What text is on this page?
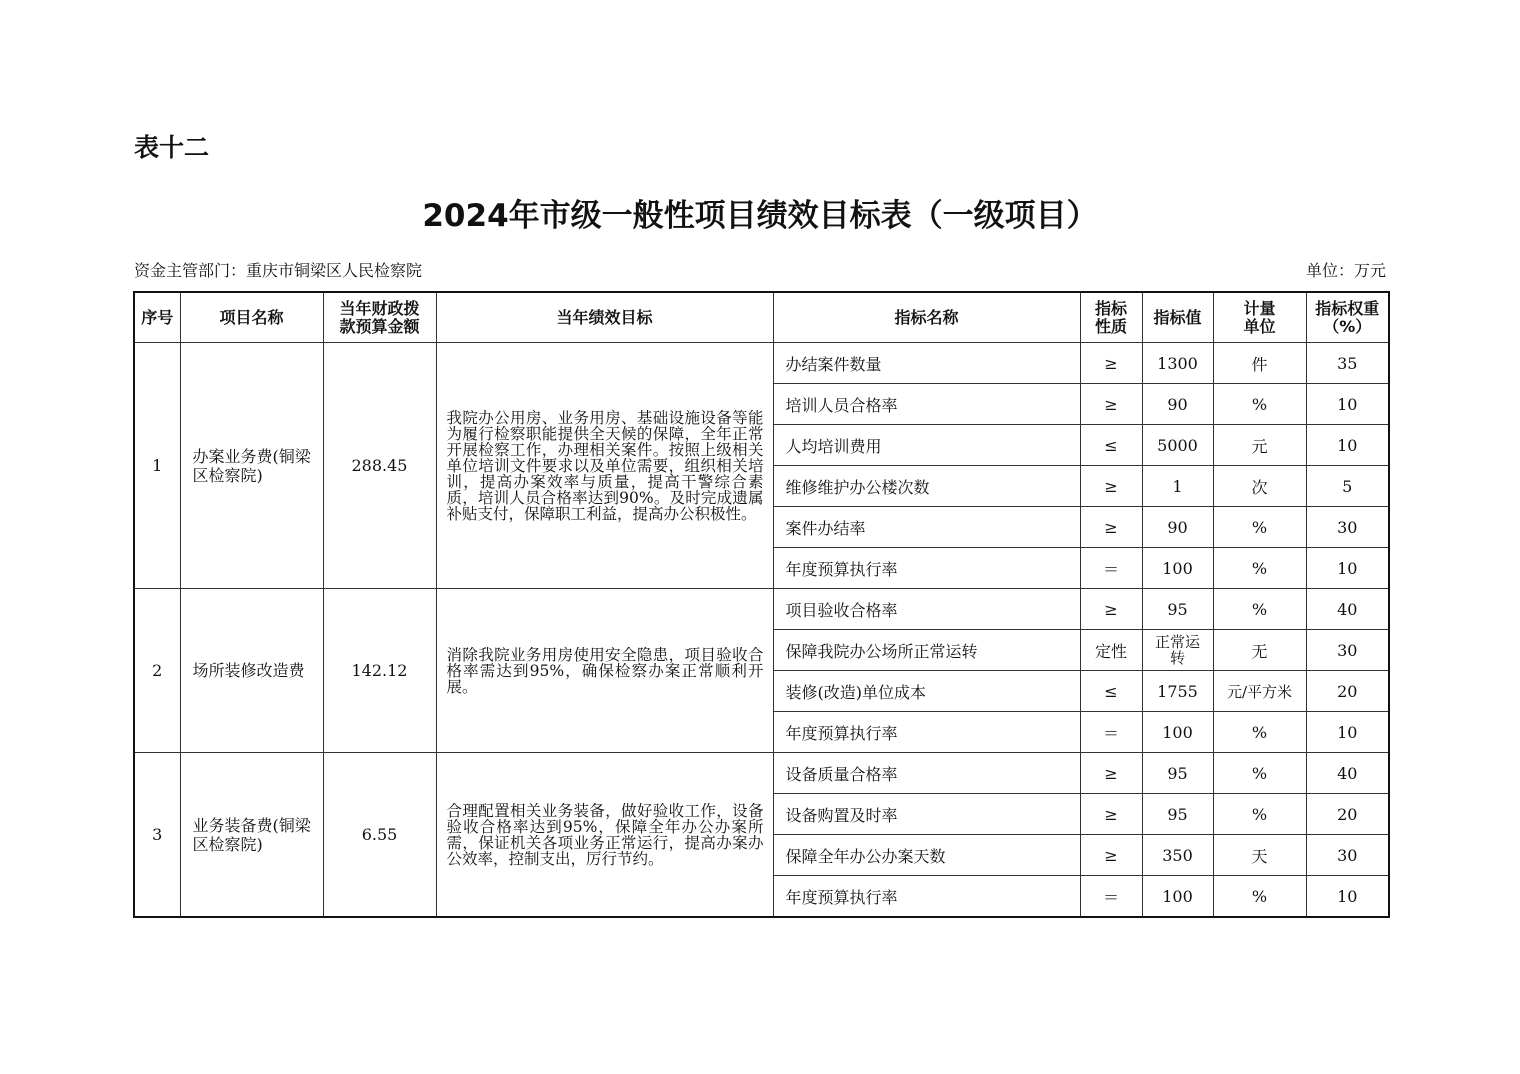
表十二
2024年市级一般性项目绩效目标表（一级项目）
资金主管部门：重庆市铜梁区人民检察院	单位：万元
序号	项目名称	当年财政拨款预算金额	当年绩效目标	指标名称	指标性质	指标值	计量单位	指标权重（%）
1	办案业务费(铜梁区检察院)	288.45	我院办公用房、业务用房、基础设施设备等能为履行检察职能提供全天候的保障，全年正常开展检察工作，办理相关案件。按照上级相关单位培训文件要求以及单位需要，组织相关培训，提高办案效率与质量，提高干警综合素质，培训人员合格率达到90%。及时完成遗属补贴支付，保障职工利益，提高办公积极性。	办结案件数量	≥	1300	件	35
				培训人员合格率	≥	90	%	10
				人均培训费用	≤	5000	元	10
				维修维护办公楼次数	≥	1	次	5
				案件办结率	≥	90	%	30
				年度预算执行率	＝	100	%	10
2	场所装修改造费	142.12	消除我院业务用房使用安全隐患，项目验收合格率需达到95%，确保检察办案正常顺利开展。	项目验收合格率	≥	95	%	40
				保障我院办公场所正常运转	定性	正常运转	无	30
				装修(改造)单位成本	≤	1755	元/平方米	20
				年度预算执行率	＝	100	%	10
3	业务装备费(铜梁区检察院)	6.55	合理配置相关业务装备，做好验收工作，设备验收合格率达到95%，保障全年办公办案所需，保证机关各项业务正常运行，提高办案办公效率，控制支出，厉行节约。	设备质量合格率	≥	95	%	40
				设备购置及时率	≥	95	%	20
				保障全年办公办案天数	≥	350	天	30
				年度预算执行率	＝	100	%	10
